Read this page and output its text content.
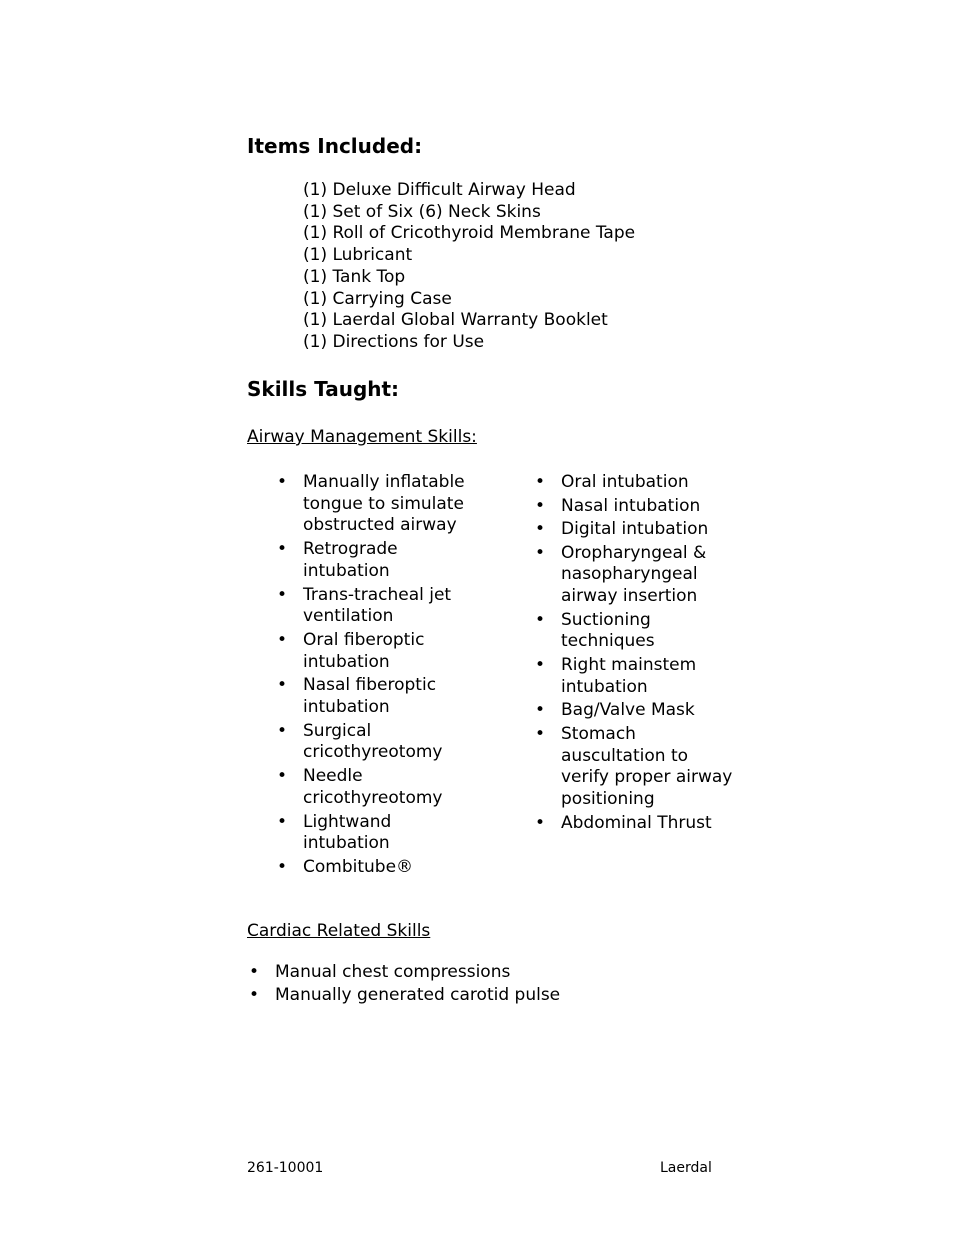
Items Included:
(1) Deluxe Difficult Airway Head
(1) Set of Six (6) Neck Skins
(1) Roll of Cricothyroid Membrane Tape
(1) Lubricant
(1) Tank Top
(1) Carrying Case
(1) Laerdal Global Warranty Booklet
(1) Directions for Use
Skills Taught:

Airway Management Skills:

• Manually inflatable tongue to simulate obstructed airway
• Retrograde intubation
• Trans-tracheal jet ventilation
• Oral fiberoptic intubation
• Nasal fiberoptic intubation
• Surgical cricothyreotomy
• Needle cricothyreotomy
• Lightwand intubation
• Combitube®
• Oral intubation
• Nasal intubation
• Digital intubation
• Oropharyngeal & nasopharyngeal airway insertion
• Suctioning techniques
• Right mainstem intubation
• Bag/Valve Mask
• Stomach auscultation to verify proper airway positioning
• Abdominal Thrust

Cardiac Related Skills

• Manual chest compressions
• Manually generated carotid pulse
261-10001	Laerdal
